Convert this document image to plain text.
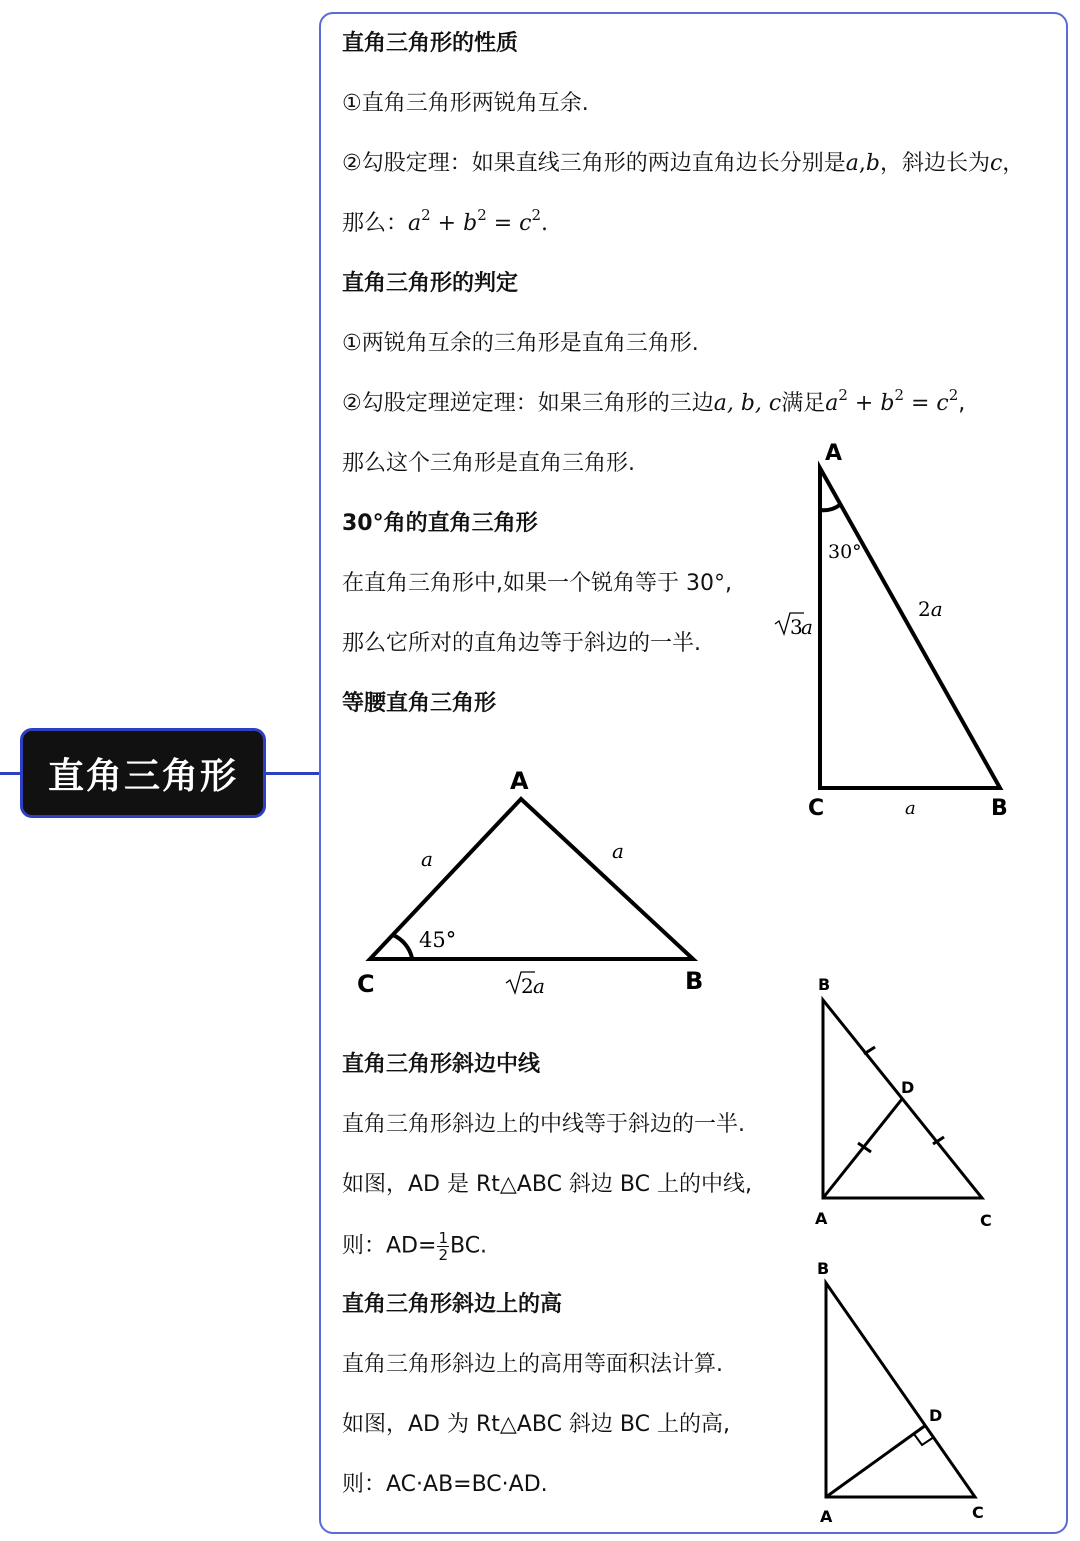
直角三角形
直角三角形的性质
①直角三角形两锐角互余.
②勾股定理：如果直线三角形的两边直角边长分别是a,b，斜边长为c，
那么：$a^2 + b^2 = c^2$.
直角三角形的判定
①两锐角互余的三角形是直角三角形.
②勾股定理逆定理：如果三角形的三边a, b, c满足$a^2 + b^2 = c^2$,
那么这个三角形是直角三角形.
30°角的直角三角形
在直角三角形中,如果一个锐角等于 30°,
那么它所对的直角边等于斜边的一半.
等腰直角三角形
直角三角形斜边中线
直角三角形斜边上的中线等于斜边的一半.
如图，AD 是 Rt△ABC 斜边 BC 上的中线,
则：$AD= \frac{1}{2}$ BC.
直角三角形斜边上的高
直角三角形斜边上的高用等面积法计算.
如图，AD 为 Rt△ABC 斜边 BC 上的高,
则：AC·AB=BC·AD.
A
C	B
30°
2a
3
a
a
A
C	B
45°
a	a
2 a	B
D
A	C
B
D
A	C
